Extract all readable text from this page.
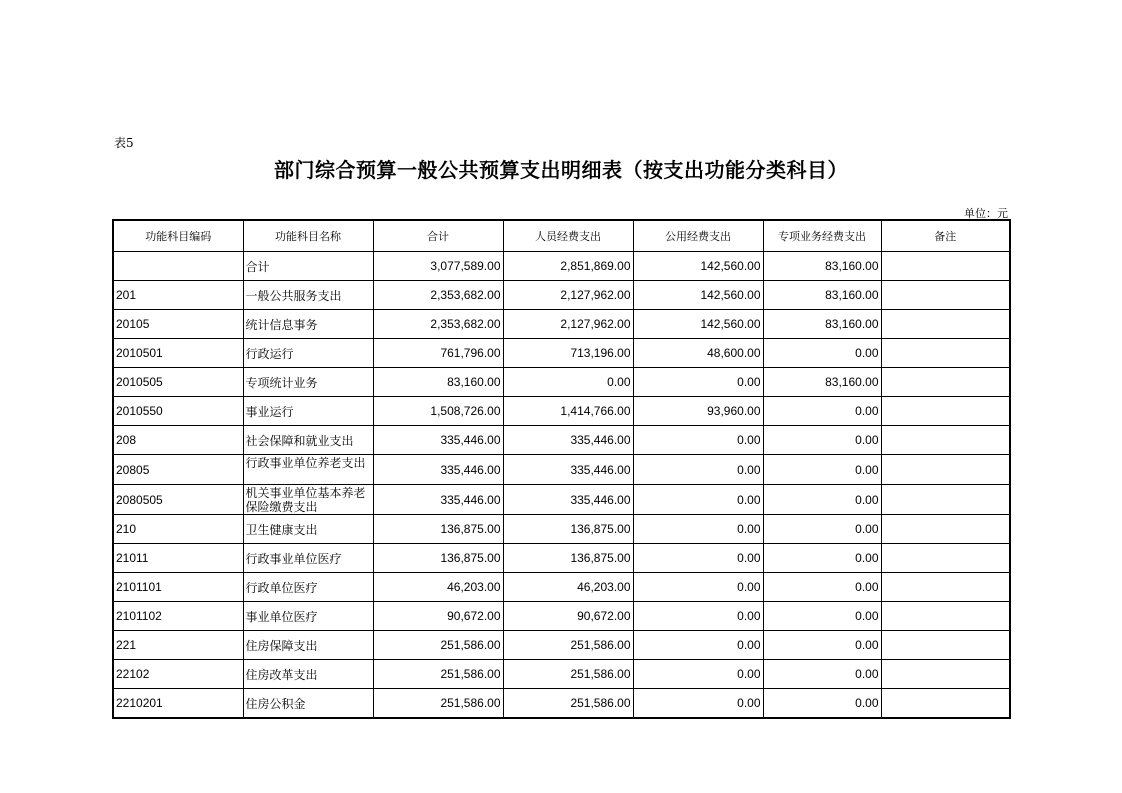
表5
部门综合预算一般公共预算支出明细表（按支出功能分类科目）
单位：元
功能科目编码	功能科目名称	合计	人员经费支出	公用经费支出	专项业务经费支出	备注
	合计	3,077,589.00	2,851,869.00	142,560.00	83,160.00	
201	一般公共服务支出	2,353,682.00	2,127,962.00	142,560.00	83,160.00	
20105	统计信息事务	2,353,682.00	2,127,962.00	142,560.00	83,160.00	
2010501	行政运行	761,796.00	713,196.00	48,600.00	0.00	
2010505	专项统计业务	83,160.00	0.00	0.00	83,160.00	
2010550	事业运行	1,508,726.00	1,414,766.00	93,960.00	0.00	
208	社会保障和就业支出	335,446.00	335,446.00	0.00	0.00	
20805	行政事业单位养老支出	335,446.00	335,446.00	0.00	0.00	
2080505	机关事业单位基本养老保险缴费支出	335,446.00	335,446.00	0.00	0.00	
210	卫生健康支出	136,875.00	136,875.00	0.00	0.00	
21011	行政事业单位医疗	136,875.00	136,875.00	0.00	0.00	
2101101	行政单位医疗	46,203.00	46,203.00	0.00	0.00	
2101102	事业单位医疗	90,672.00	90,672.00	0.00	0.00	
221	住房保障支出	251,586.00	251,586.00	0.00	0.00	
22102	住房改革支出	251,586.00	251,586.00	0.00	0.00	
2210201	住房公积金	251,586.00	251,586.00	0.00	0.00	
